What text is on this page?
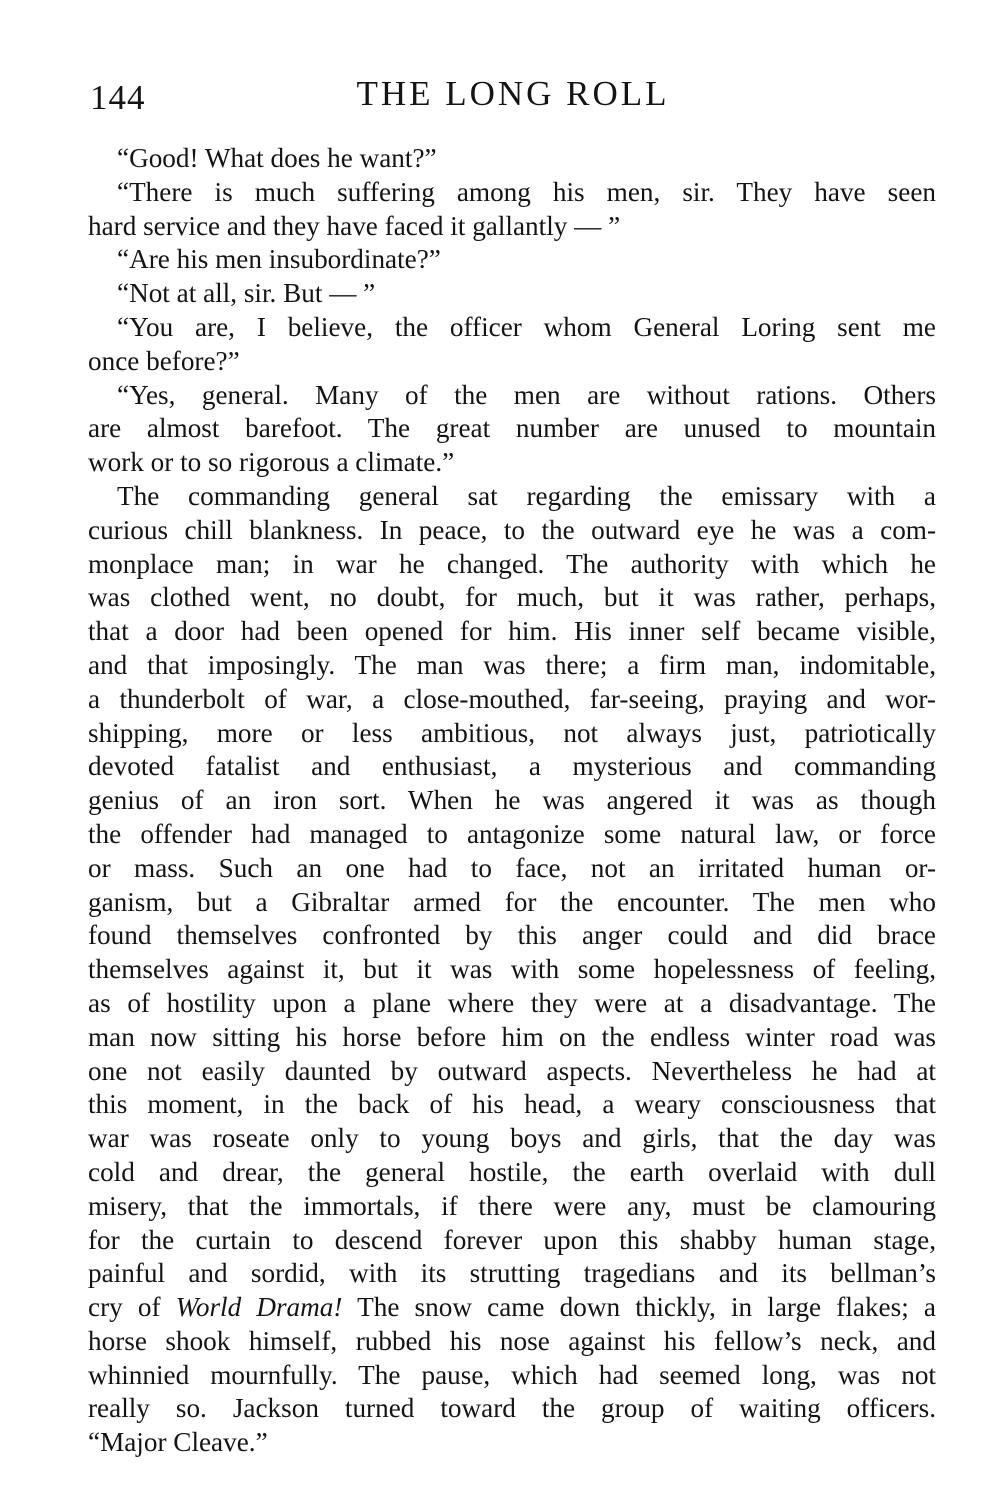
144	THE LONG ROLL
“Good! What does he want?”
“There is much suffering among his men, sir. They have seen
hard service and they have faced it gallantly — ”
“Are his men insubordinate?”
“Not at all, sir. But — ”
“You are, I believe, the officer whom General Loring sent me
once before?”
“Yes, general. Many of the men are without rations. Others
are almost barefoot. The great number are unused to mountain
work or to so rigorous a climate.”
The commanding general sat regarding the emissary with a
curious chill blankness. In peace, to the outward eye he was a com-
monplace man; in war he changed. The authority with which he
was clothed went, no doubt, for much, but it was rather, perhaps,
that a door had been opened for him. His inner self became visible,
and that imposingly. The man was there; a firm man, indomitable,
a thunderbolt of war, a close-mouthed, far-seeing, praying and wor-
shipping, more or less ambitious, not always just, patriotically
devoted fatalist and enthusiast, a mysterious and commanding
genius of an iron sort. When he was angered it was as though
the offender had managed to antagonize some natural law, or force
or mass. Such an one had to face, not an irritated human or-
ganism, but a Gibraltar armed for the encounter. The men who
found themselves confronted by this anger could and did brace
themselves against it, but it was with some hopelessness of feeling,
as of hostility upon a plane where they were at a disadvantage. The
man now sitting his horse before him on the endless winter road was
one not easily daunted by outward aspects. Nevertheless he had at
this moment, in the back of his head, a weary consciousness that
war was roseate only to young boys and girls, that the day was
cold and drear, the general hostile, the earth overlaid with dull
misery, that the immortals, if there were any, must be clamouring
for the curtain to descend forever upon this shabby human stage,
painful and sordid, with its strutting tragedians and its bellman’s
cry of World Drama! The snow came down thickly, in large flakes; a
horse shook himself, rubbed his nose against his fellow’s neck, and
whinnied mournfully. The pause, which had seemed long, was not
really so. Jackson turned toward the group of waiting officers.
“Major Cleave.”
